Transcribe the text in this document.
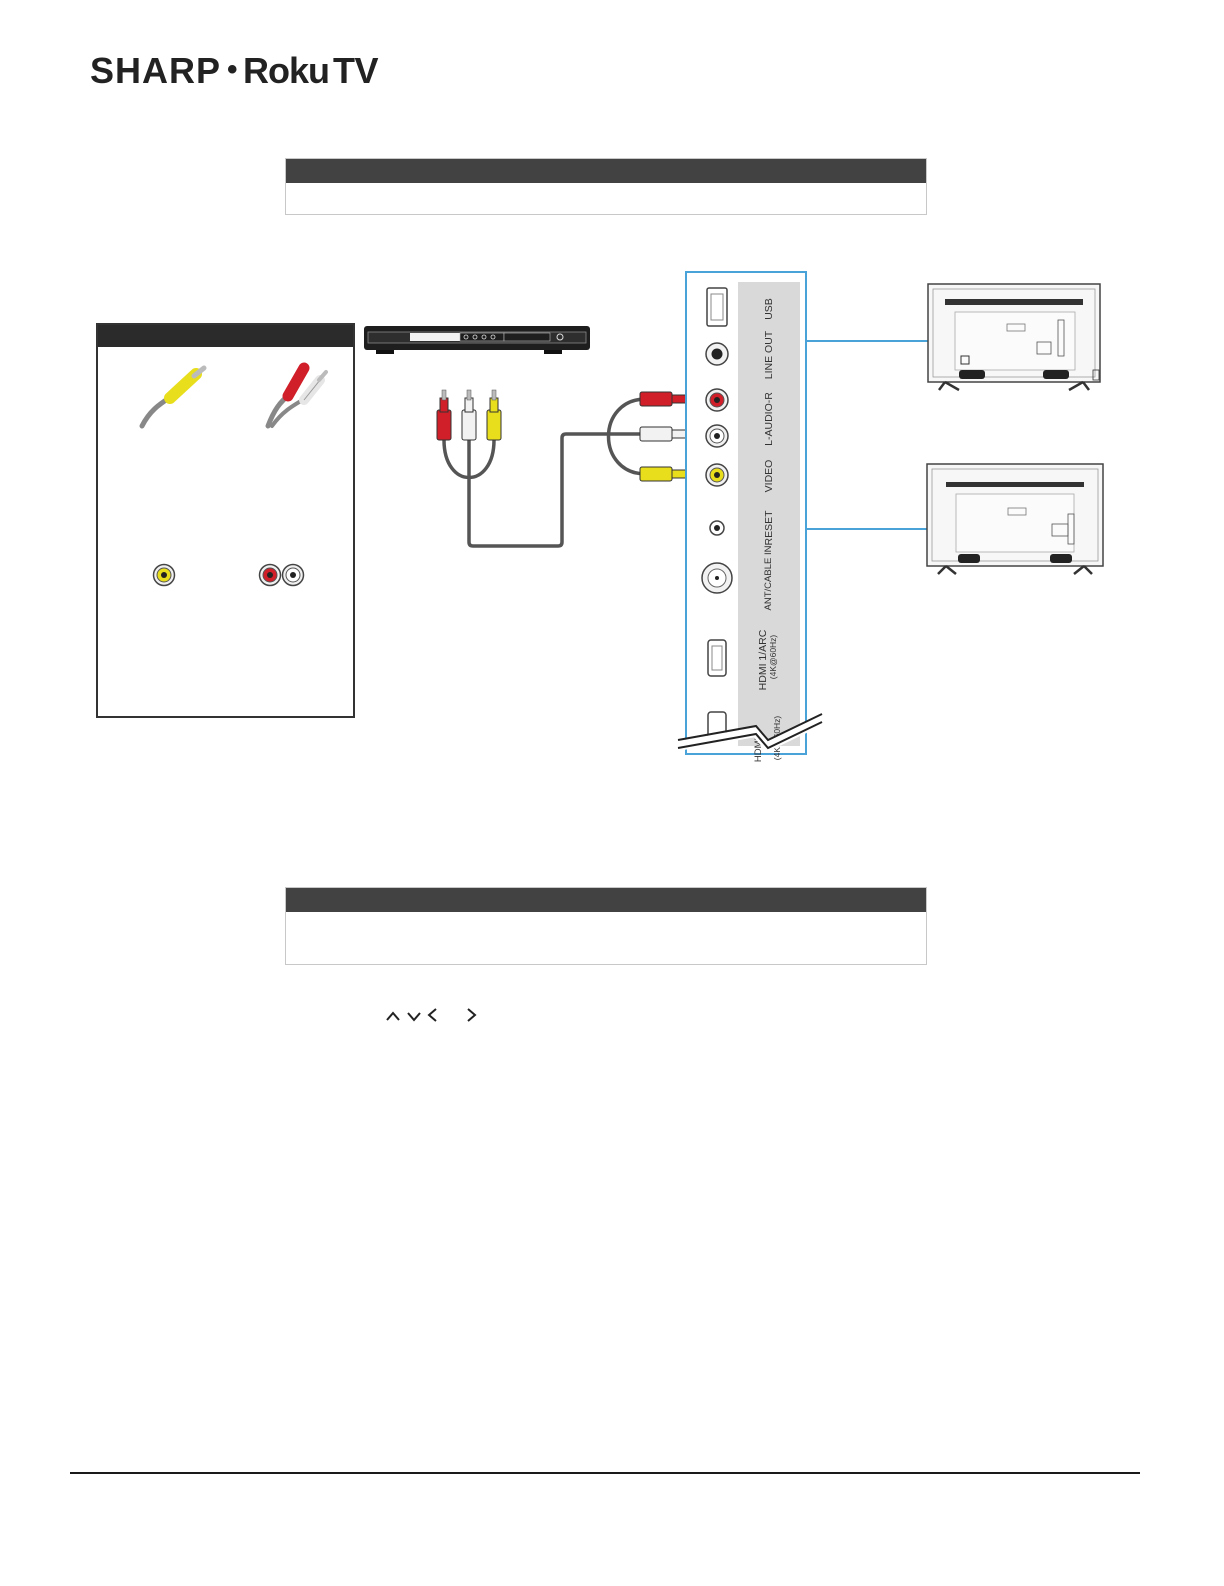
SHARP • Roku TV
USB
LINE OUT
L-AUDIO-R
VIDEO
RESET
ANT/CABLE IN
HDMI 1/ARC (4K@60Hz)
HDMI 2 (4K@60Hz)
